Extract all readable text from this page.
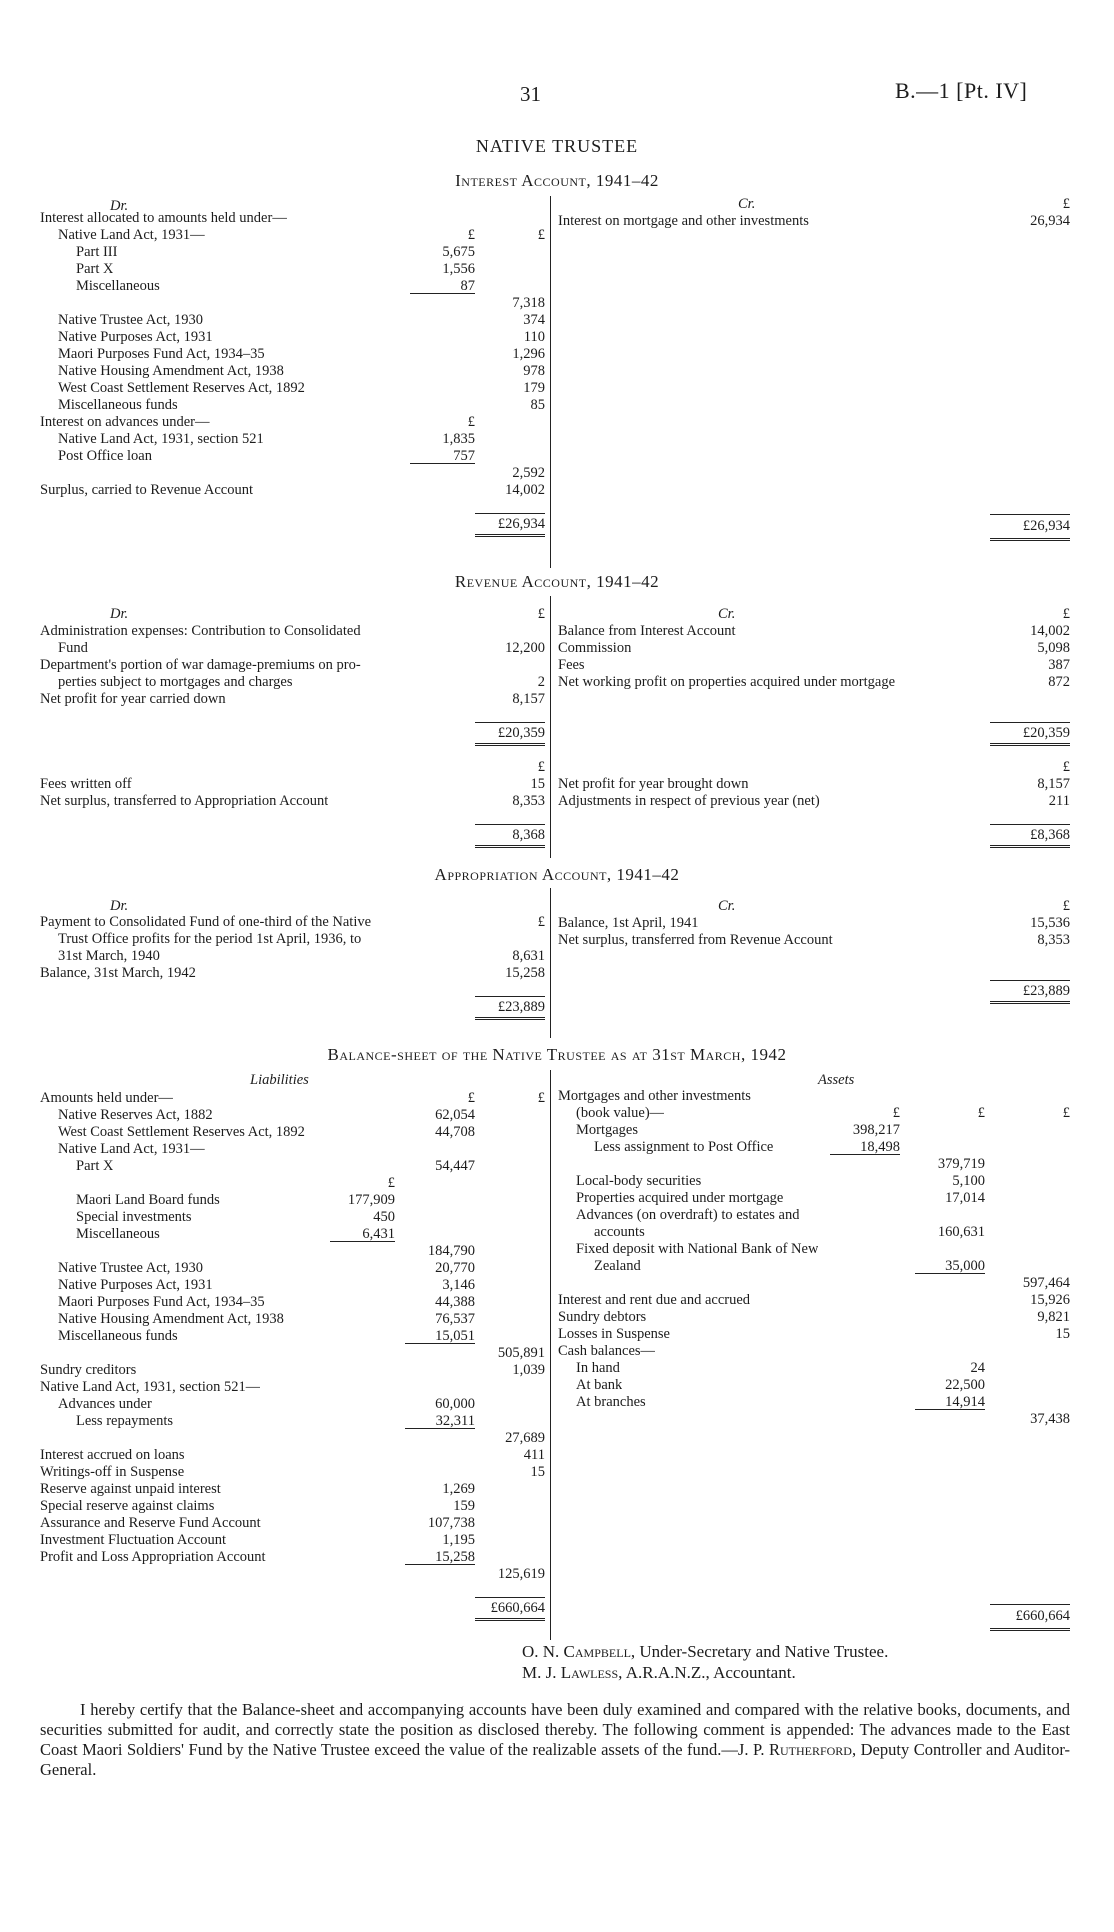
31	B.—1 [Pt. IV]
NATIVE TRUSTEE
Interest Account, 1941–42
Dr.
Interest allocated to amounts held under—
Native Land Act, 1931—	£	£
Part III	5,675
Part X	1,556
Miscellaneous	87
7,318
Native Trustee Act, 1930	374
Native Purposes Act, 1931	110
Maori Purposes Fund Act, 1934–35	1,296
Native Housing Amendment Act, 1938	978
West Coast Settlement Reserves Act, 1892	179
Miscellaneous funds	85
Interest on advances under—	£
Native Land Act, 1931, section 521	1,835
Post Office loan	757
2,592
Surplus, carried to Revenue Account	14,002
£26,934
Cr.	£
Interest on mortgage and other investments	26,934
£26,934
Revenue Account, 1941–42
Dr.	£
Administration expenses: Contribution to Consolidated
Fund	12,200
Department's portion of war damage-premiums on pro-
perties subject to mortgages and charges	2
Net profit for year carried down	8,157
£20,359
£
Fees written off	15
Net surplus, transferred to Appropriation Account	8,353
8,368
Cr.	£
Balance from Interest Account	14,002
Commission	5,098
Fees	387
Net working profit on properties acquired under mortgage	872
£20,359
£
Net profit for year brought down	8,157
Adjustments in respect of previous year (net)	211
£8,368
Appropriation Account, 1941–42
Dr.
Payment to Consolidated Fund of one-third of the Native	£
Trust Office profits for the period 1st April, 1936, to
31st March, 1940	8,631
Balance, 31st March, 1942	15,258
£23,889
Cr.	£
Balance, 1st April, 1941	15,536
Net surplus, transferred from Revenue Account	8,353
£23,889
Balance-sheet of the Native Trustee as at 31st March, 1942
Liabilities
Amounts held under—	£	£
Native Reserves Act, 1882	62,054
West Coast Settlement Reserves Act, 1892	44,708
Native Land Act, 1931—
Part X	54,447
£
Maori Land Board funds	177,909
Special investments	450
Miscellaneous	6,431
184,790
Native Trustee Act, 1930	20,770
Native Purposes Act, 1931	3,146
Maori Purposes Fund Act, 1934–35	44,388
Native Housing Amendment Act, 1938	76,537
Miscellaneous funds	15,051
505,891
Sundry creditors	1,039
Native Land Act, 1931, section 521—
Advances under	60,000
Less repayments	32,311
27,689
Interest accrued on loans	411
Writings-off in Suspense	15
Reserve against unpaid interest	1,269
Special reserve against claims	159
Assurance and Reserve Fund Account	107,738
Investment Fluctuation Account	1,195
Profit and Loss Appropriation Account	15,258
125,619
£660,664
Assets
Mortgages and other investments
(book value)—	£	£	£
Mortgages	398,217
Less assignment to Post Office	18,498
379,719
Local-body securities	5,100
Properties acquired under mortgage	17,014
Advances (on overdraft) to estates and
accounts	160,631
Fixed deposit with National Bank of New
Zealand	35,000
597,464
Interest and rent due and accrued	15,926
Sundry debtors	9,821
Losses in Suspense	15
Cash balances—
In hand	24
At bank	22,500
At branches	14,914
37,438
£660,664
O. N. Campbell, Under-Secretary and Native Trustee.
M. J. Lawless, A.R.A.N.Z., Accountant.
I hereby certify that the Balance-sheet and accompanying accounts have been duly examined and compared with the relative books, documents, and securities submitted for audit, and correctly state the position as disclosed thereby. The following comment is appended: The advances made to the East Coast Maori Soldiers' Fund by the Native Trustee exceed the value of the realizable assets of the fund.—J. P. Rutherford, Deputy Controller and Auditor-General.
